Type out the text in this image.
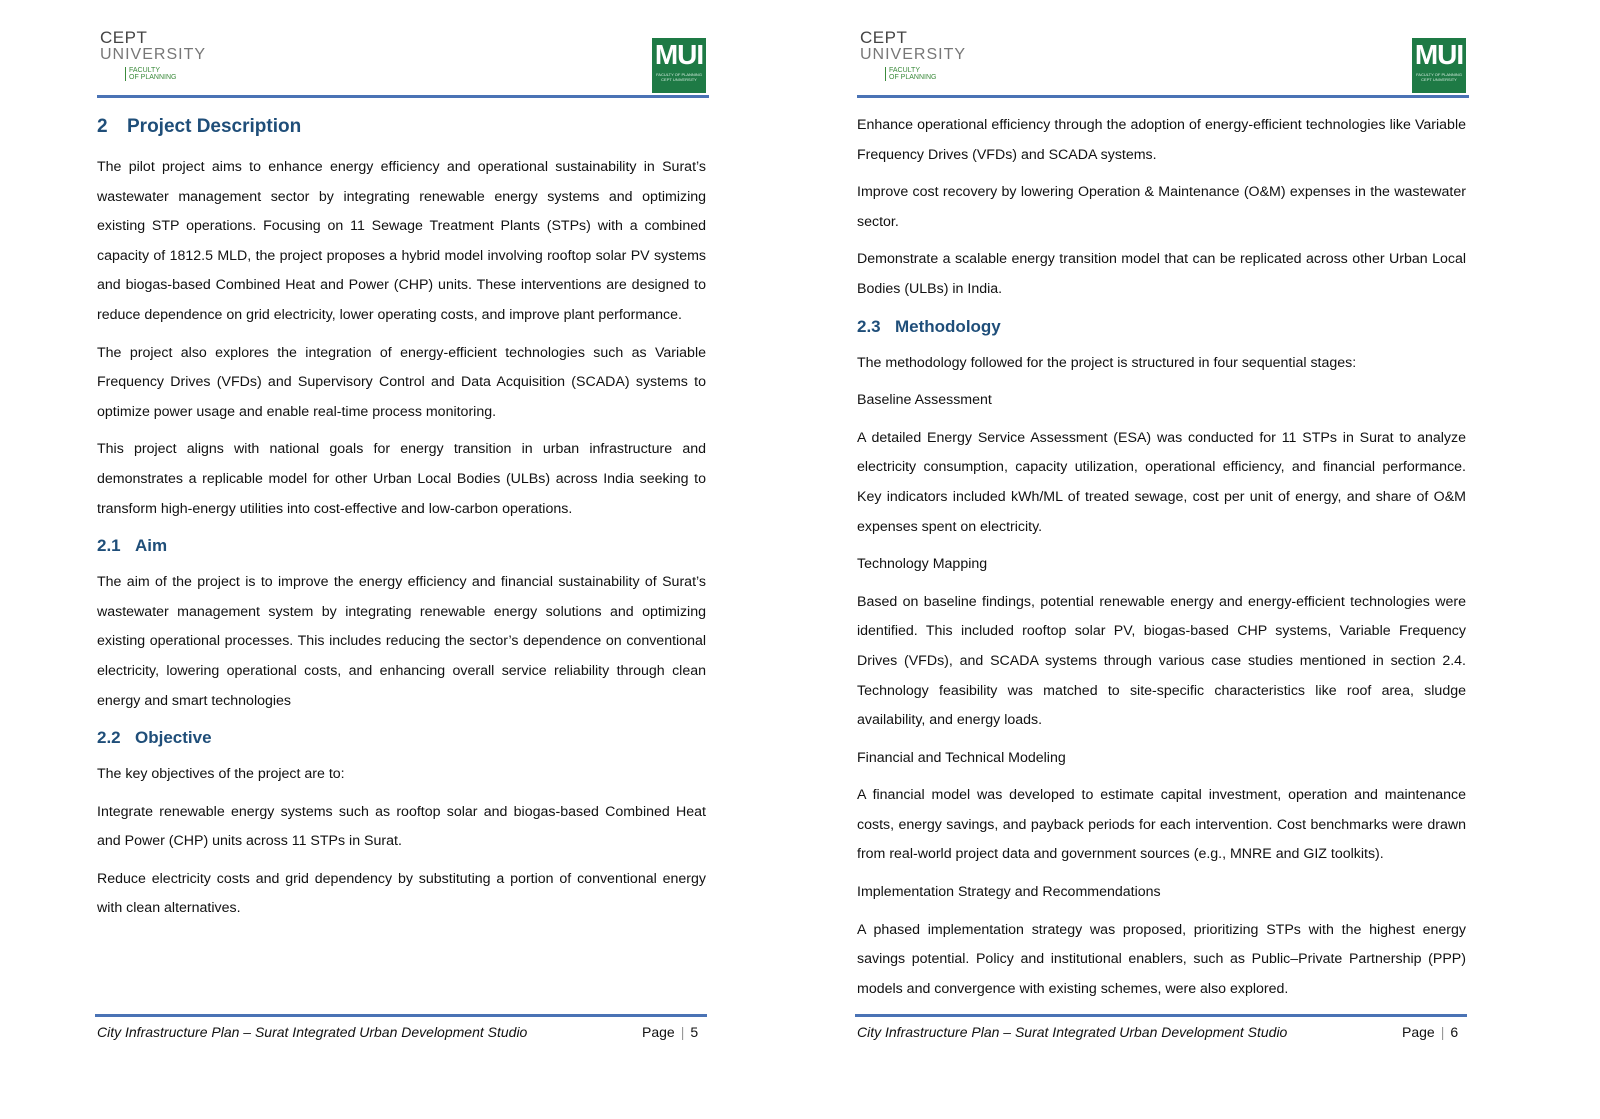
CEPT
UNIVERSITY
FACULTY
OF PLANNING
MUI
FACULTY OF PLANNING
CEPT UNIVERSITY
2 Project Description

The pilot project aims to enhance energy efficiency and operational sustainability in Surat’s wastewater management sector by integrating renewable energy systems and optimizing existing STP operations. Focusing on 11 Sewage Treatment Plants (STPs) with a combined capacity of 1812.5 MLD, the project proposes a hybrid model involving rooftop solar PV systems and biogas-based Combined Heat and Power (CHP) units. These interventions are designed to reduce dependence on grid electricity, lower operating costs, and improve plant performance.

The project also explores the integration of energy-efficient technologies such as Variable Frequency Drives (VFDs) and Supervisory Control and Data Acquisition (SCADA) systems to optimize power usage and enable real-time process monitoring.

This project aligns with national goals for energy transition in urban infrastructure and demonstrates a replicable model for other Urban Local Bodies (ULBs) across India seeking to transform high-energy utilities into cost-effective and low-carbon operations.

2.1 Aim

The aim of the project is to improve the energy efficiency and financial sustainability of Surat’s wastewater management system by integrating renewable energy solutions and optimizing existing operational processes. This includes reducing the sector’s dependence on conventional electricity, lowering operational costs, and enhancing overall service reliability through clean energy and smart technologies

2.2 Objective

The key objectives of the project are to:

Integrate renewable energy systems such as rooftop solar and biogas-based Combined Heat and Power (CHP) units across 11 STPs in Surat.

Reduce electricity costs and grid dependency by substituting a portion of conventional energy with clean alternatives.

City Infrastructure Plan – Surat Integrated Urban Development Studio	Page | 5
CEPT
UNIVERSITY
FACULTY
OF PLANNING
MUI
FACULTY OF PLANNING
CEPT UNIVERSITY

Enhance operational efficiency through the adoption of energy-efficient technologies like Variable Frequency Drives (VFDs) and SCADA systems.

Improve cost recovery by lowering Operation & Maintenance (O&M) expenses in the wastewater sector.

Demonstrate a scalable energy transition model that can be replicated across other Urban Local Bodies (ULBs) in India.

2.3 Methodology

The methodology followed for the project is structured in four sequential stages:

Baseline Assessment

A detailed Energy Service Assessment (ESA) was conducted for 11 STPs in Surat to analyze electricity consumption, capacity utilization, operational efficiency, and financial performance. Key indicators included kWh/ML of treated sewage, cost per unit of energy, and share of O&M expenses spent on electricity.

Technology Mapping

Based on baseline findings, potential renewable energy and energy-efficient technologies were identified. This included rooftop solar PV, biogas-based CHP systems, Variable Frequency Drives (VFDs), and SCADA systems through various case studies mentioned in section 2.4. Technology feasibility was matched to site-specific characteristics like roof area, sludge availability, and energy loads.

Financial and Technical Modeling

A financial model was developed to estimate capital investment, operation and maintenance costs, energy savings, and payback periods for each intervention. Cost benchmarks were drawn from real-world project data and government sources (e.g., MNRE and GIZ toolkits).

Implementation Strategy and Recommendations

A phased implementation strategy was proposed, prioritizing STPs with the highest energy savings potential. Policy and institutional enablers, such as Public–Private Partnership (PPP) models and convergence with existing schemes, were also explored.

City Infrastructure Plan – Surat Integrated Urban Development Studio	Page | 6
